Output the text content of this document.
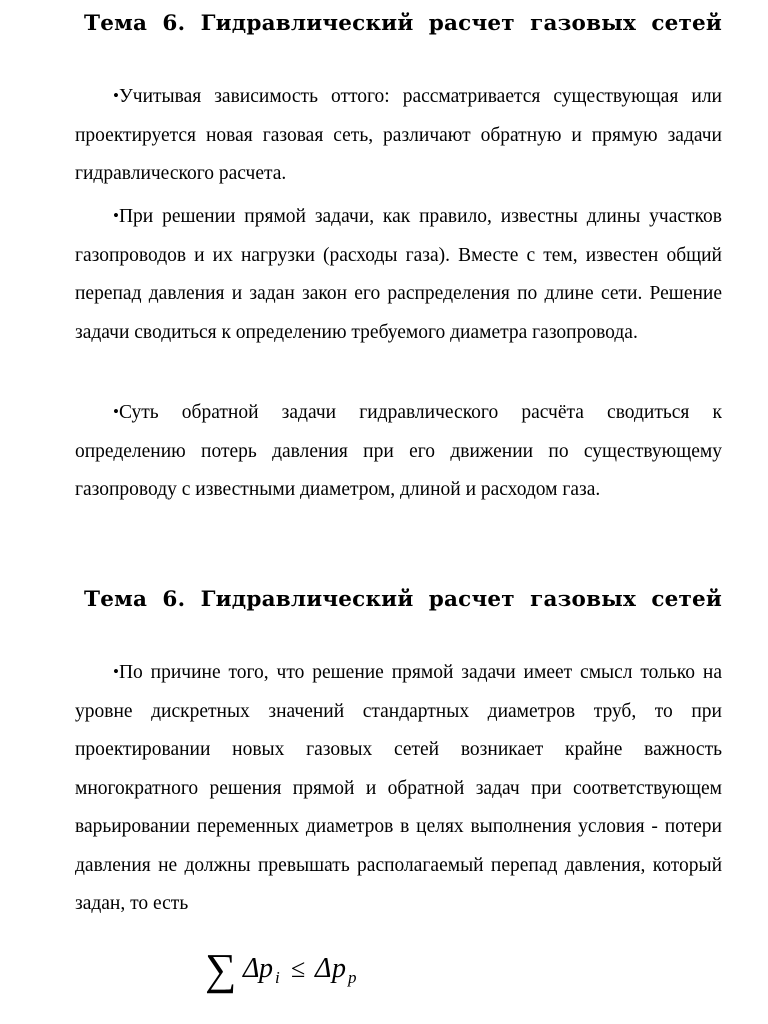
Тема 6. Гидравлический расчет газовых сетей
•Учитывая зависимость оттого: рассматривается существующая или проектируется новая газовая сеть, различают обратную и прямую задачи гидравлического расчета.
•При решении прямой задачи, как правило, известны длины участков газопроводов и их нагрузки (расходы газа). Вместе с тем, известен общий перепад давления и задан закон его распределения по длине сети. Решение задачи сводиться к определению требуемого диаметра газопровода.
•Суть обратной задачи гидравлического расчёта сводиться к определению потерь давления при его движении по существующему газопроводу с известными диаметром, длиной и расходом газа.
Тема 6. Гидравлический расчет газовых сетей
•По причине того, что решение прямой задачи имеет смысл только на уровне дискретных значений стандартных диаметров труб, то при проектировании новых газовых сетей возникает крайне важность многократного решения прямой и обратной задач при соответствующем варьировании переменных диаметров в целях выполнения условия - потери давления не должны превышать располагаемый перепад давления, который задан, то есть
∑ Δ p i ≤ Δ p p
